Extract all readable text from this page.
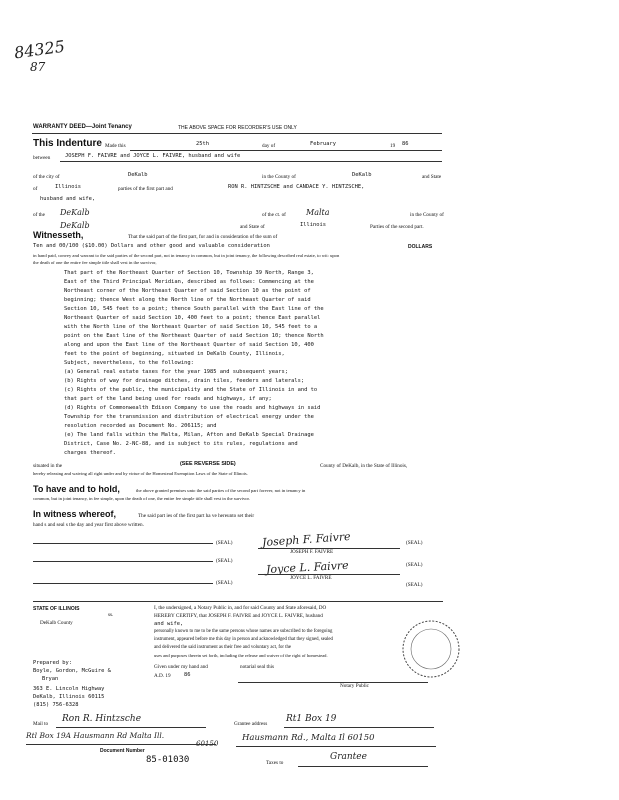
84325
87
WARRANTY DEED—Joint Tenancy	THE ABOVE SPACE FOR RECORDER'S USE ONLY
This Indenture Made this	25th	day of	February	19 86
between	JOSEPH F. FAIVRE and JOYCE L. FAIVRE, husband and wife
of the city of	DeKalb	in the County of	DeKalb	and State
of	Illinois	parties of the first part and	RON R. HINTZSCHE and CANDACE Y. HINTZSCHE,
husband and wife,
of the DeKalb	of the ct. of	Malta	in the County of
DeKalb	and State of	Illinois	Parties of the second part.
Witnesseth,	That the said part of the first part, for and in consideration of the sum of
Ten and 00/100 ($10.00) Dollars and other good and valuable consideration	DOLLARS
in hand paid, convey and warrant to the said parties of the second part, not in tenancy in common, but in joint tenancy, the following described real estate, to wit: upon
the death of one the entire fee simple title shall vest in the survivor,
That part of the Northeast Quarter of Section 10, Township 39 North, Range 3,
East of the Third Principal Meridian, described as follows: Commencing at the
Northeast corner of the Northeast Quarter of said Section 10 as the point of
beginning; thence West along the North line of the Northeast Quarter of said
Section 10, 545 feet to a point; thence South parallel with the East line of the
Northeast Quarter of said Section 10, 400 feet to a point; thence East parallel
with the North line of the Northeast Quarter of said Section 10, 545 feet to a
point on the East line of the Northeast Quarter of said Section 10; thence North
along and upon the East line of the Northeast Quarter of said Section 10, 400
feet to the point of beginning, situated in DeKalb County, Illinois,
Subject, nevertheless, to the following:
(a) General real estate taxes for the year 1985 and subsequent years;
(b) Rights of way for drainage ditches, drain tiles, feeders and laterals;
(c) Rights of the public, the municipality and the State of Illinois in and to
that part of the land being used for roads and highways, if any;
(d) Rights of Commonwealth Edison Company to use the roads and highways in said
Township for the transmission and distribution of electrical energy under the
resolution recorded as Document No. 206115; and
(e) The land falls within the Malta, Milan, Afton and DeKalb Special Drainage
District, Case No. 2-NC-88, and is subject to its rules, regulations and
charges thereof.
situated in the	(SEE REVERSE SIDE)	County of DeKalb, in the State of Illinois,
hereby releasing and waiving all right under and by virtue of the Homestead Exemption Laws of the State of Illinois.
To have and to hold,	the above granted premises unto the said parties of the second part forever, not in tenancy in
common, but in joint tenancy, in fee simple, upon the death of one, the entire fee simple title shall vest in the survivor.
In witness whereof,	The said part ies of the first part ha ve hereunto set their
hand s and seal s the day and year first above written.
(SEAL)
(SEAL)
(SEAL)
Joseph F. Faivre
JOSEPH F. FAIVRE
(SEAL)
Joyce L. Faivre
JOYCE L. FAIVRE
(SEAL)
(SEAL)
STATE OF ILLINOIS
ss.
DeKalb County
I, the undersigned, a Notary Public in, and for said County and State aforesaid, DO
HEREBY CERTIFY, that JOSEPH F. FAIVRE and JOYCE L. FAIVRE, husband
and wife,
personally known to me to be the same persons whose names are subscribed to the foregoing
instrument, appeared before me this day in person and acknowledged that they signed, sealed
and delivered the said instrument as their free and voluntary act, for the
uses and purposes therein set forth, including the release and waiver of the right of homestead.
Given under my hand and	notarial seal this
A.D. 19 86
Notary Public
Prepared by:
Boyle, Gordon, McGuire &
Bryan
363 E. Lincoln Highway
DeKalb, Illinois 60115
(815) 756-6328
Mail to Ron R. Hintzsche
Rtl Box 19A Hausmann Rd Malta Ill.
60150
Document Number
85-01030
Grantee address Rt1 Box 19
Hausmann Rd., Malta Il 60150
Taxes to
Grantee
